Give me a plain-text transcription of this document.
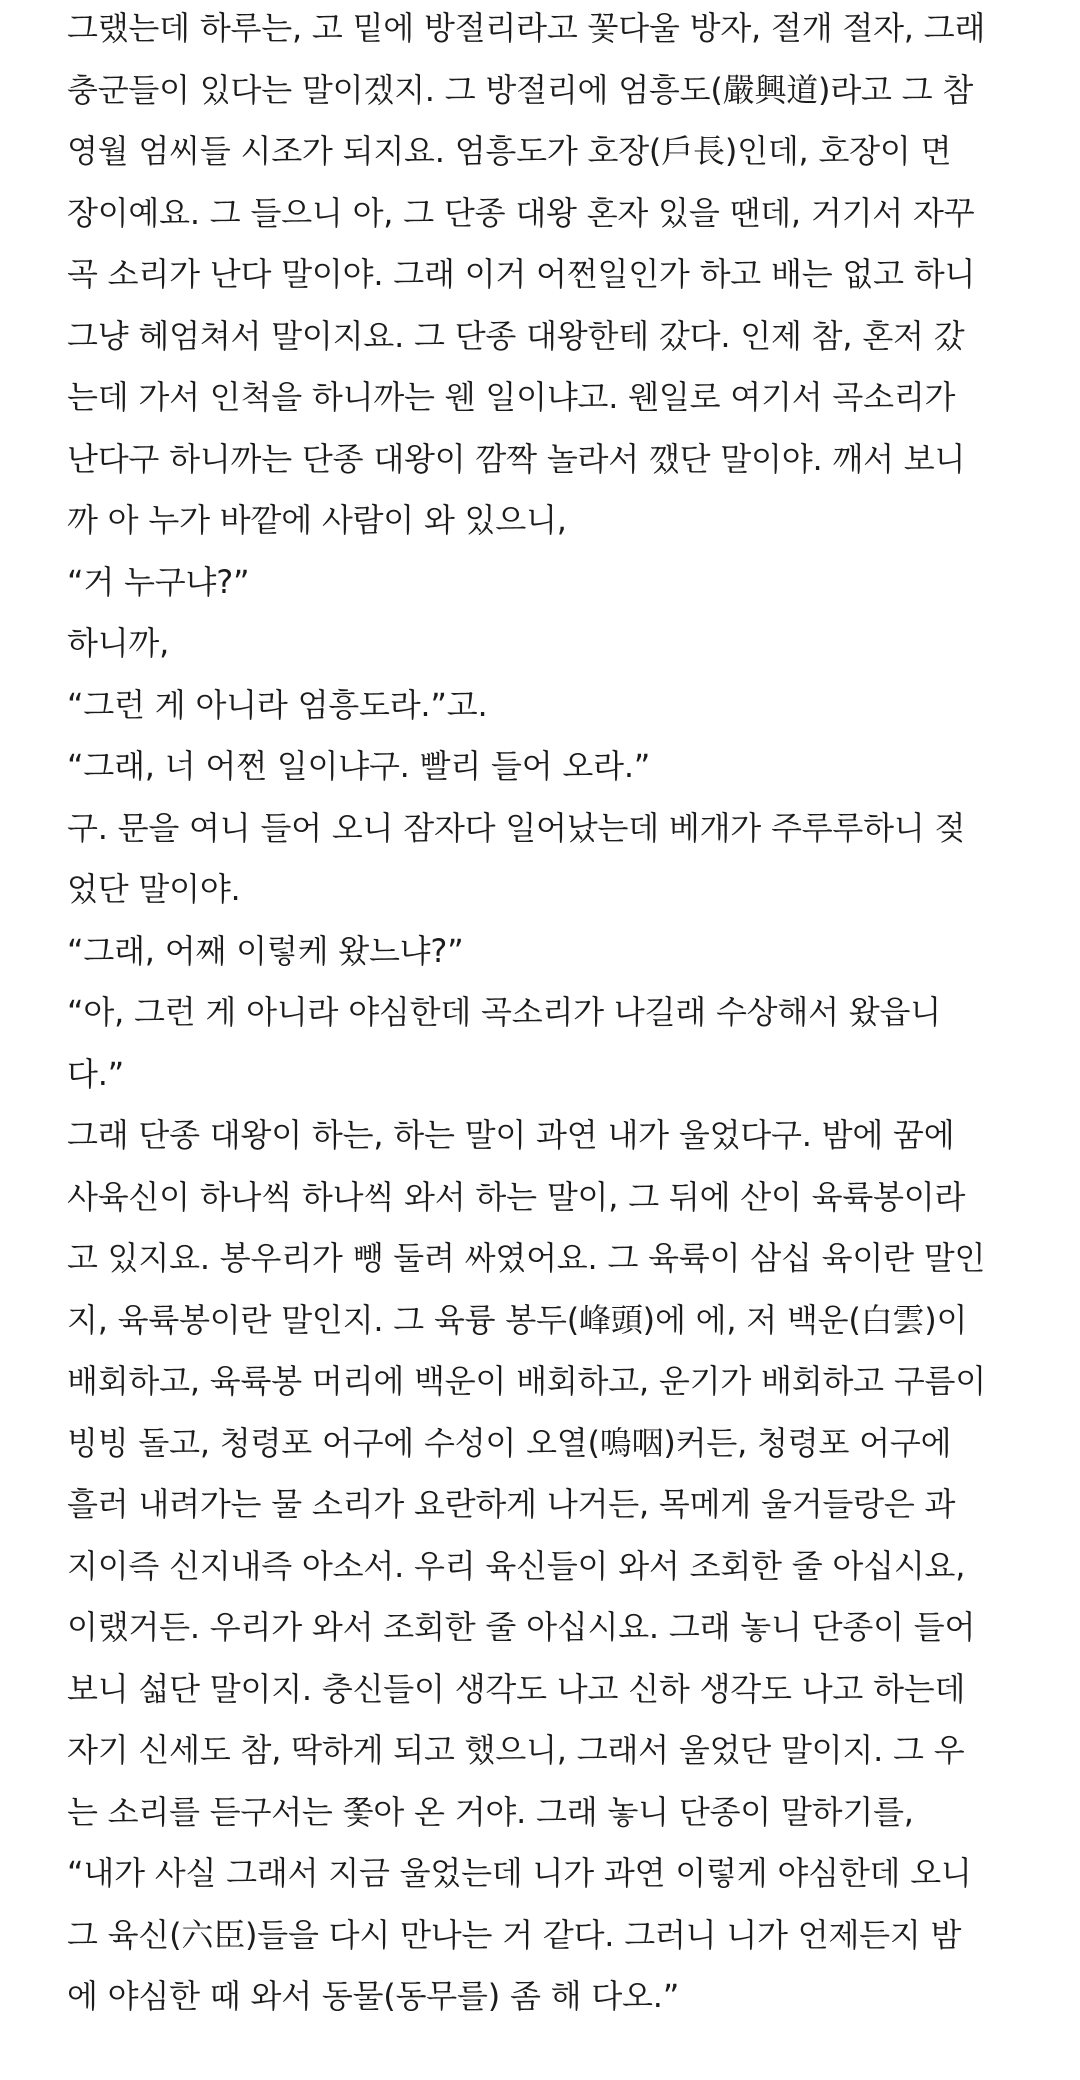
그랬는데 하루는, 고 밑에 방절리라고 꽃다울 방자, 절개 절자, 그래
충군들이 있다는 말이겠지. 그 방절리에 엄흥도(嚴興道)라고 그 참
영월 엄씨들 시조가 되지요. 엄흥도가 호장(戶長)인데, 호장이 면
장이예요. 그 들으니 아, 그 단종 대왕 혼자 있을 땐데, 거기서 자꾸
곡 소리가 난다 말이야. 그래 이거 어쩐일인가 하고 배는 없고 하니
그냥 헤엄쳐서 말이지요. 그 단종 대왕한테 갔다. 인제 참, 혼저 갔
는데 가서 인척을 하니까는 웬 일이냐고. 웬일로 여기서 곡소리가
난다구 하니까는 단종 대왕이 깜짝 놀라서 깼단 말이야. 깨서 보니
까 아 누가 바깥에 사람이 와 있으니,
“거 누구냐?”
하니까,
“그런 게 아니라 엄흥도라.”고.
“그래, 너 어쩐 일이냐구. 빨리 들어 오라.”
구. 문을 여니 들어 오니 잠자다 일어났는데 베개가 주루루하니 젖
었단 말이야.
“그래, 어째 이렇케 왔느냐?”
“아, 그런 게 아니라 야심한데 곡소리가 나길래 수상해서 왔읍니
다.”
그래 단종 대왕이 하는, 하는 말이 과연 내가 울었다구. 밤에 꿈에
사육신이 하나씩 하나씩 와서 하는 말이, 그 뒤에 산이 육륙봉이라
고 있지요. 봉우리가 뺑 둘려 싸였어요. 그 육륙이 삼십 육이란 말인
지, 육륙봉이란 말인지. 그 육륭 봉두(峰頭)에 에, 저 백운(白雲)이
배회하고, 육륙봉 머리에 백운이 배회하고, 운기가 배회하고 구름이
빙빙 돌고, 청령포 어구에 수성이 오열(嗚咽)커든, 청령포 어구에
흘러 내려가는 물 소리가 요란하게 나거든, 목메게 울거들랑은 과
지이즉 신지내즉 아소서. 우리 육신들이 와서 조회한 줄 아십시요,
이랬거든. 우리가 와서 조회한 줄 아십시요. 그래 놓니 단종이 들어
보니 섧단 말이지. 충신들이 생각도 나고 신하 생각도 나고 하는데
자기 신세도 참, 딱하게 되고 했으니, 그래서 울었단 말이지. 그 우
는 소리를 듣구서는 쫓아 온 거야. 그래 놓니 단종이 말하기를,
“내가 사실 그래서 지금 울었는데 니가 과연 이렇게 야심한데 오니
그 육신(六臣)들을 다시 만나는 거 같다. 그러니 니가 언제든지 밤
에 야심한 때 와서 동물(동무를) 좀 해 다오.”
